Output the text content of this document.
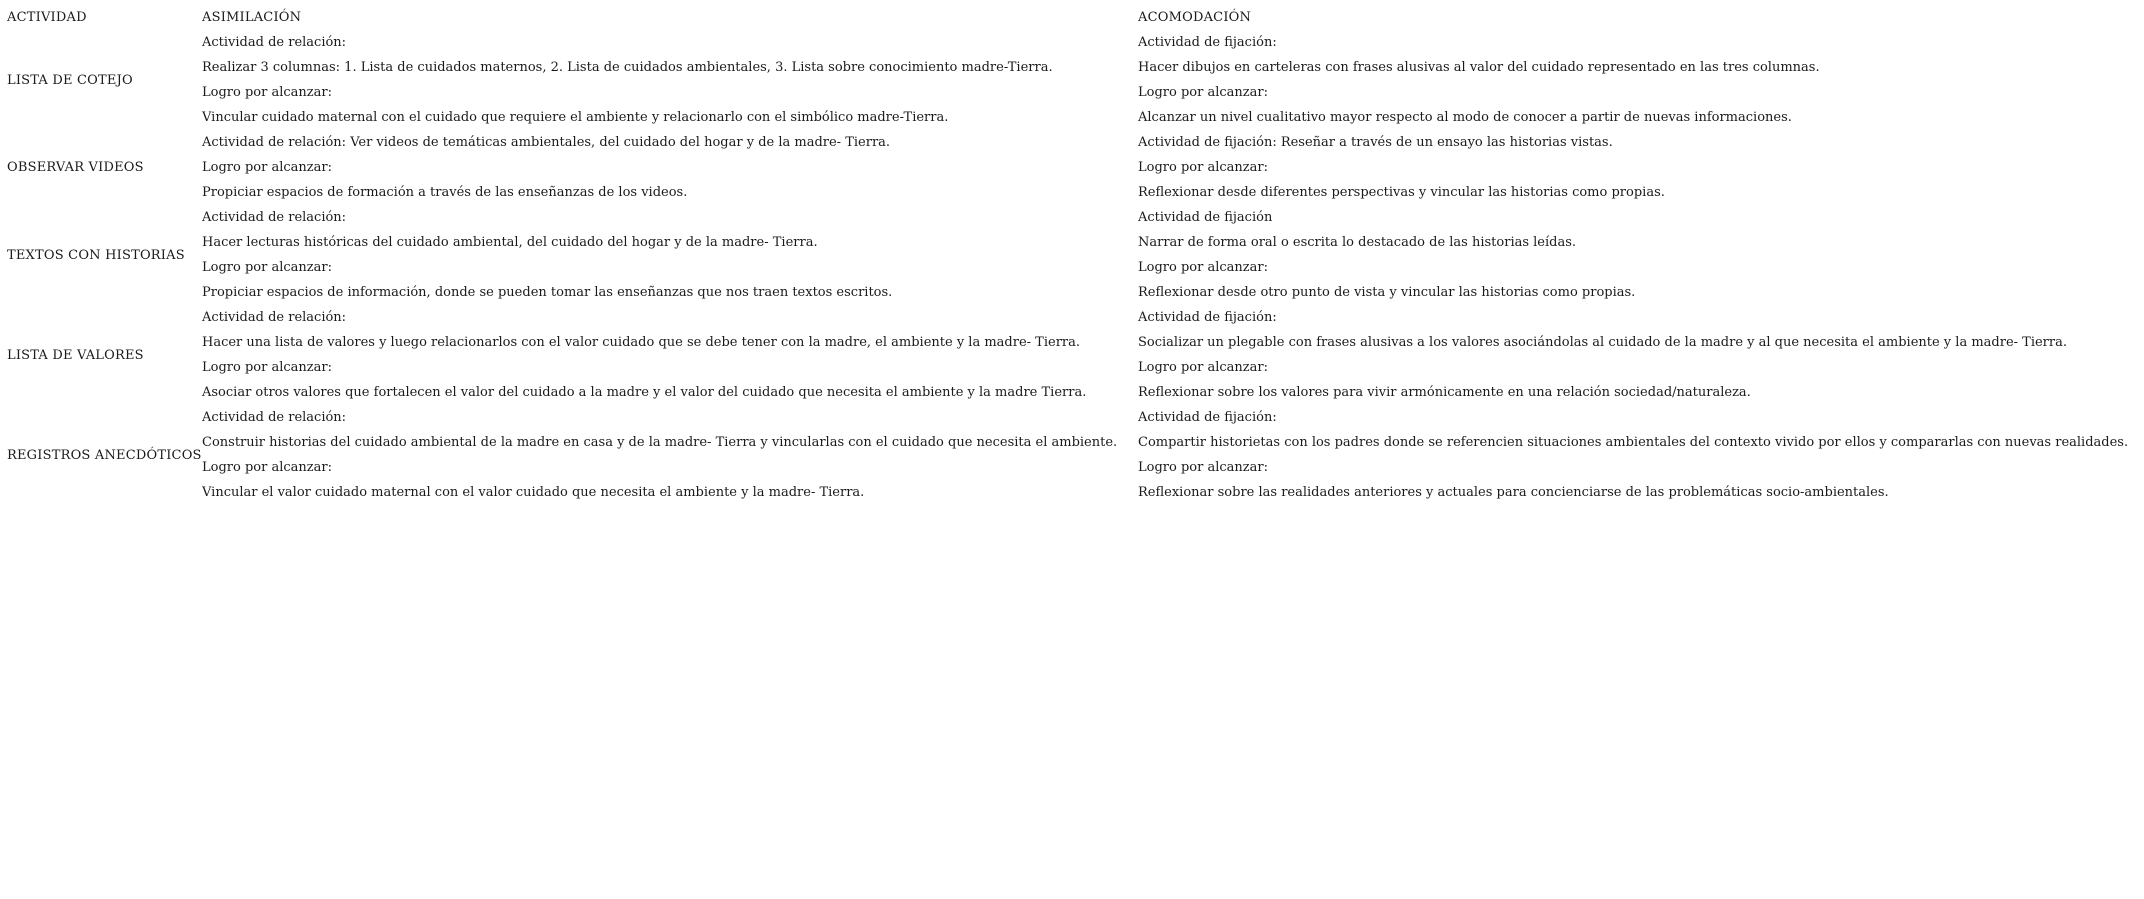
ACTIVIDAD	ASIMILACIÓN	ACOMODACIÓN
LISTA DE COTEJO	Actividad de relación:	Actividad de fijación:
	Realizar 3 columnas: 1. Lista de cuidados maternos, 2. Lista de cuidados ambientales, 3. Lista sobre conocimiento madre-Tierra.	Hacer dibujos en carteleras con frases alusivas al valor del cuidado representado en las tres columnas.
	Logro por alcanzar:	Logro por alcanzar:
	Vincular cuidado maternal con el cuidado que requiere el ambiente y relacionarlo con el simbólico madre-Tierra.	Alcanzar un nivel cualitativo mayor respecto al modo de conocer a partir de nuevas informaciones.
OBSERVAR VIDEOS	Actividad de relación: Ver videos de temáticas ambientales, del cuidado del hogar y de la madre- Tierra.	Actividad de fijación: Reseñar a través de un ensayo las historias vistas.
	Logro por alcanzar:	Logro por alcanzar:
	Propiciar espacios de formación a través de las enseñanzas de los videos.	Reflexionar desde diferentes perspectivas y vincular las historias como propias.
TEXTOS CON HISTORIAS	Actividad de relación:	Actividad de fijación
	Hacer lecturas históricas del cuidado ambiental, del cuidado del hogar y de la madre- Tierra.	Narrar de forma oral o escrita lo destacado de las historias leídas.
	Logro por alcanzar:	Logro por alcanzar:
	Propiciar espacios de información, donde se pueden tomar las enseñanzas que nos traen textos escritos.	Reflexionar desde otro punto de vista y vincular las historias como propias.
LISTA DE VALORES	Actividad de relación:	Actividad de fijación:
	Hacer una lista de valores y luego relacionarlos con el valor cuidado que se debe tener con la madre, el ambiente y la madre- Tierra.	Socializar un plegable con frases alusivas a los valores asociándolas al cuidado de la madre y al que necesita el ambiente y la madre- Tierra.
	Logro por alcanzar:	Logro por alcanzar:
	Asociar otros valores que fortalecen el valor del cuidado a la madre y el valor del cuidado que necesita el ambiente y la madre Tierra.	Reflexionar sobre los valores para vivir armónicamente en una relación sociedad/naturaleza.
REGISTROS ANECDÓTICOS	Actividad de relación:	Actividad de fijación:
	Construir historias del cuidado ambiental de la madre en casa y de la madre- Tierra y vincularlas con el cuidado que necesita el ambiente.	Compartir historietas con los padres donde se referencien situaciones ambientales del contexto vivido por ellos y compararlas con nuevas realidades.
	Logro por alcanzar:	Logro por alcanzar:
	Vincular el valor cuidado maternal con el valor cuidado que necesita el ambiente y la madre- Tierra.	Reflexionar sobre las realidades anteriores y actuales para concienciarse de las problemáticas socio-ambientales.
